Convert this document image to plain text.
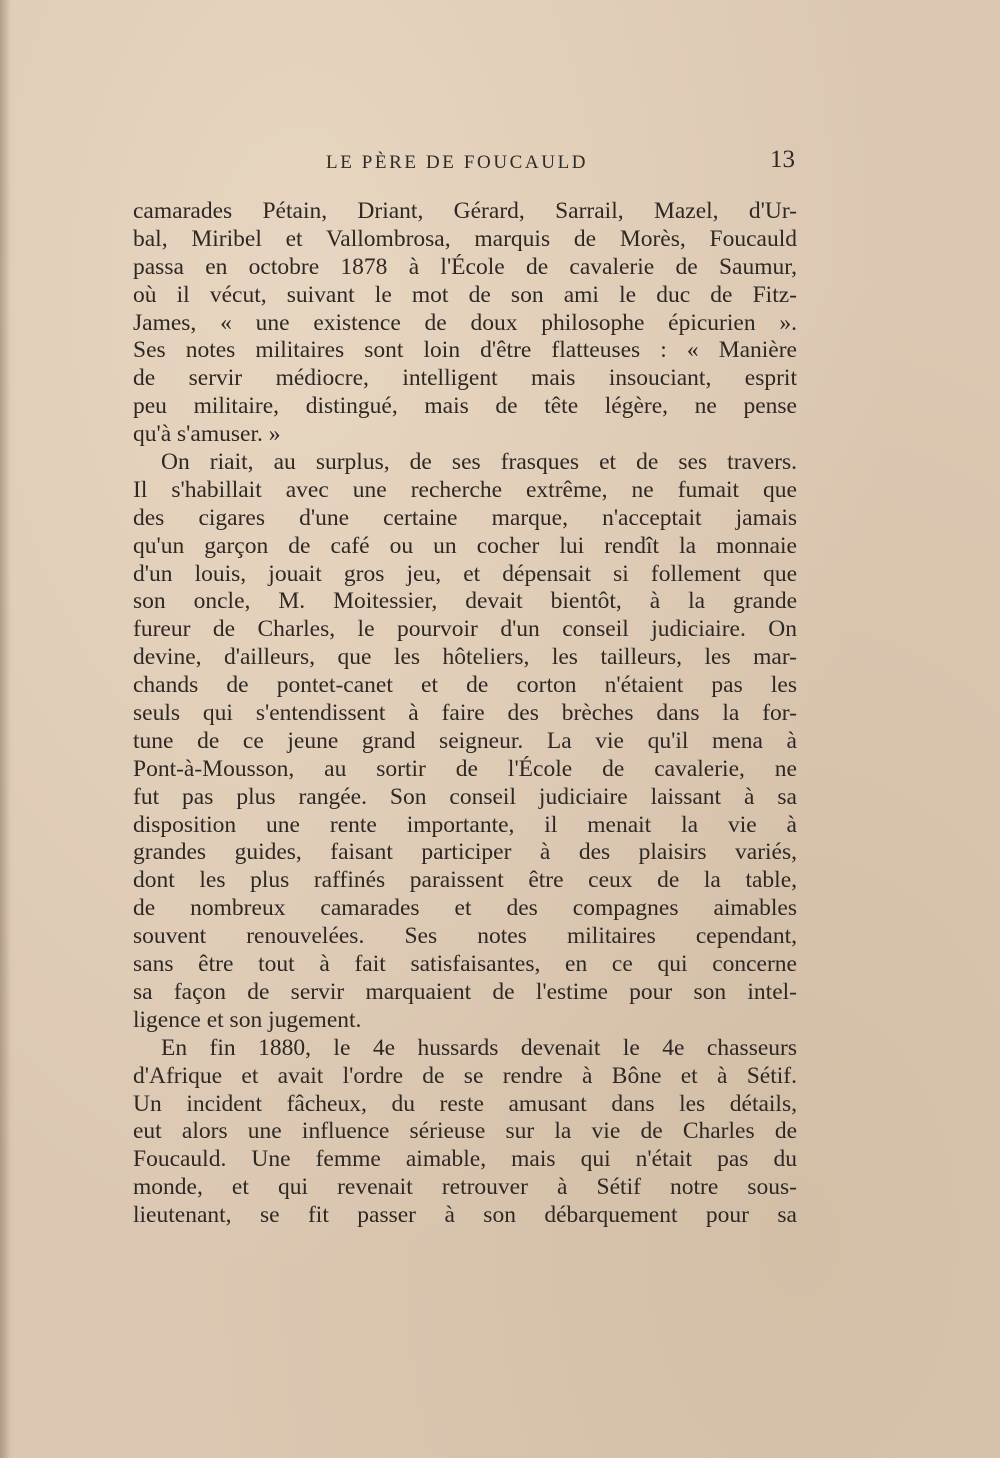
LE PÈRE DE FOUCAULD	13
camarades Pétain, Driant, Gérard, Sarrail, Mazel, d'Ur-
bal, Miribel et Vallombrosa, marquis de Morès, Foucauld
passa en octobre 1878 à l'École de cavalerie de Saumur,
où il vécut, suivant le mot de son ami le duc de Fitz-
James, « une existence de doux philosophe épicurien ».
Ses notes militaires sont loin d'être flatteuses : « Manière
de servir médiocre, intelligent mais insouciant, esprit
peu militaire, distingué, mais de tête légère, ne pense
qu'à s'amuser. »
On riait, au surplus, de ses frasques et de ses travers.
Il s'habillait avec une recherche extrême, ne fumait que
des cigares d'une certaine marque, n'acceptait jamais
qu'un garçon de café ou un cocher lui rendît la monnaie
d'un louis, jouait gros jeu, et dépensait si follement que
son oncle, M. Moitessier, devait bientôt, à la grande
fureur de Charles, le pourvoir d'un conseil judiciaire. On
devine, d'ailleurs, que les hôteliers, les tailleurs, les mar-
chands de pontet-canet et de corton n'étaient pas les
seuls qui s'entendissent à faire des brèches dans la for-
tune de ce jeune grand seigneur. La vie qu'il mena à
Pont-à-Mousson, au sortir de l'École de cavalerie, ne
fut pas plus rangée. Son conseil judiciaire laissant à sa
disposition une rente importante, il menait la vie à
grandes guides, faisant participer à des plaisirs variés,
dont les plus raffinés paraissent être ceux de la table,
de nombreux camarades et des compagnes aimables
souvent renouvelées. Ses notes militaires cependant,
sans être tout à fait satisfaisantes, en ce qui concerne
sa façon de servir marquaient de l'estime pour son intel-
ligence et son jugement.
En fin 1880, le 4e hussards devenait le 4e chasseurs
d'Afrique et avait l'ordre de se rendre à Bône et à Sétif.
Un incident fâcheux, du reste amusant dans les détails,
eut alors une influence sérieuse sur la vie de Charles de
Foucauld. Une femme aimable, mais qui n'était pas du
monde, et qui revenait retrouver à Sétif notre sous-
lieutenant, se fit passer à son débarquement pour sa
